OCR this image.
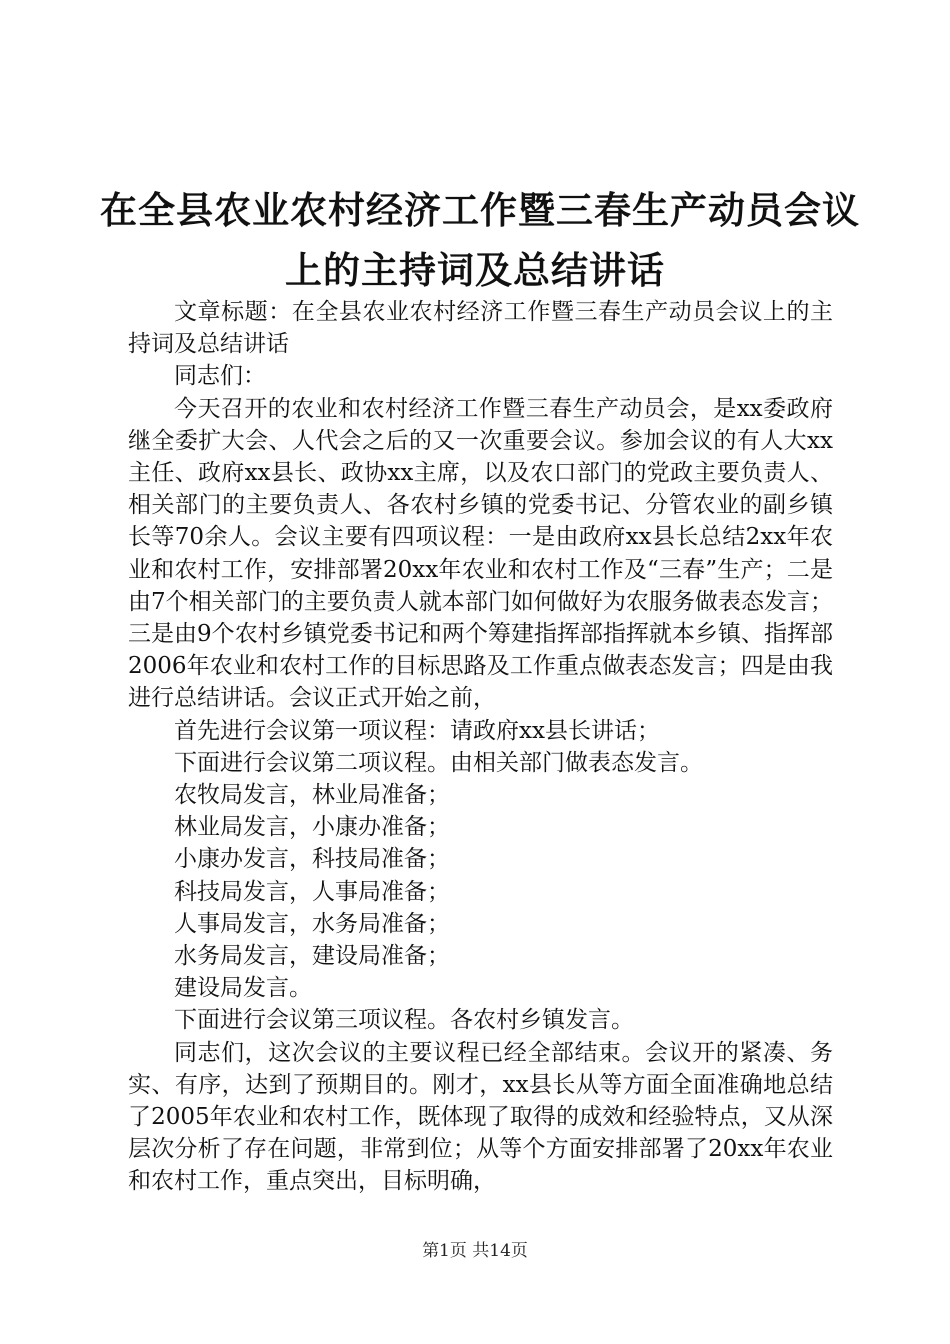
在全县农业农村经济工作暨三春生产动员会议
上的主持词及总结讲话

文章标题：在全县农业农村经济工作暨三春生产动员会议上的主持词及总结讲话

同志们：

今天召开的农业和农村经济工作暨三春生产动员会，是xx委政府继全委扩大会、人代会之后的又一次重要会议。参加会议的有人大xx主任、政府xx县长、政协xx主席，以及农口部门的党政主要负责人、相关部门的主要负责人、各农村乡镇的党委书记、分管农业的副乡镇长等70余人。会议主要有四项议程：一是由政府xx县长总结2xx年农业和农村工作，安排部署20xx年农业和农村工作及“三春”生产；二是由7个相关部门的主要负责人就本部门如何做好为农服务做表态发言；三是由9个农村乡镇党委书记和两个筹建指挥部指挥就本乡镇、指挥部2006年农业和农村工作的目标思路及工作重点做表态发言；四是由我进行总结讲话。会议正式开始之前，

首先进行会议第一项议程：请政府xx县长讲话；

下面进行会议第二项议程。由相关部门做表态发言。

农牧局发言，林业局准备；

林业局发言，小康办准备；

小康办发言，科技局准备；

科技局发言，人事局准备；

人事局发言，水务局准备；

水务局发言，建设局准备；

建设局发言。

下面进行会议第三项议程。各农村乡镇发言。

同志们，这次会议的主要议程已经全部结束。会议开的紧凑、务实、有序，达到了预期目的。刚才，xx县长从等方面全面准确地总结了2005年农业和农村工作，既体现了取得的成效和经验特点，又从深层次分析了存在问题，非常到位；从等个方面安排部署了20xx年农业和农村工作，重点突出，目标明确，

第1页 共14页
